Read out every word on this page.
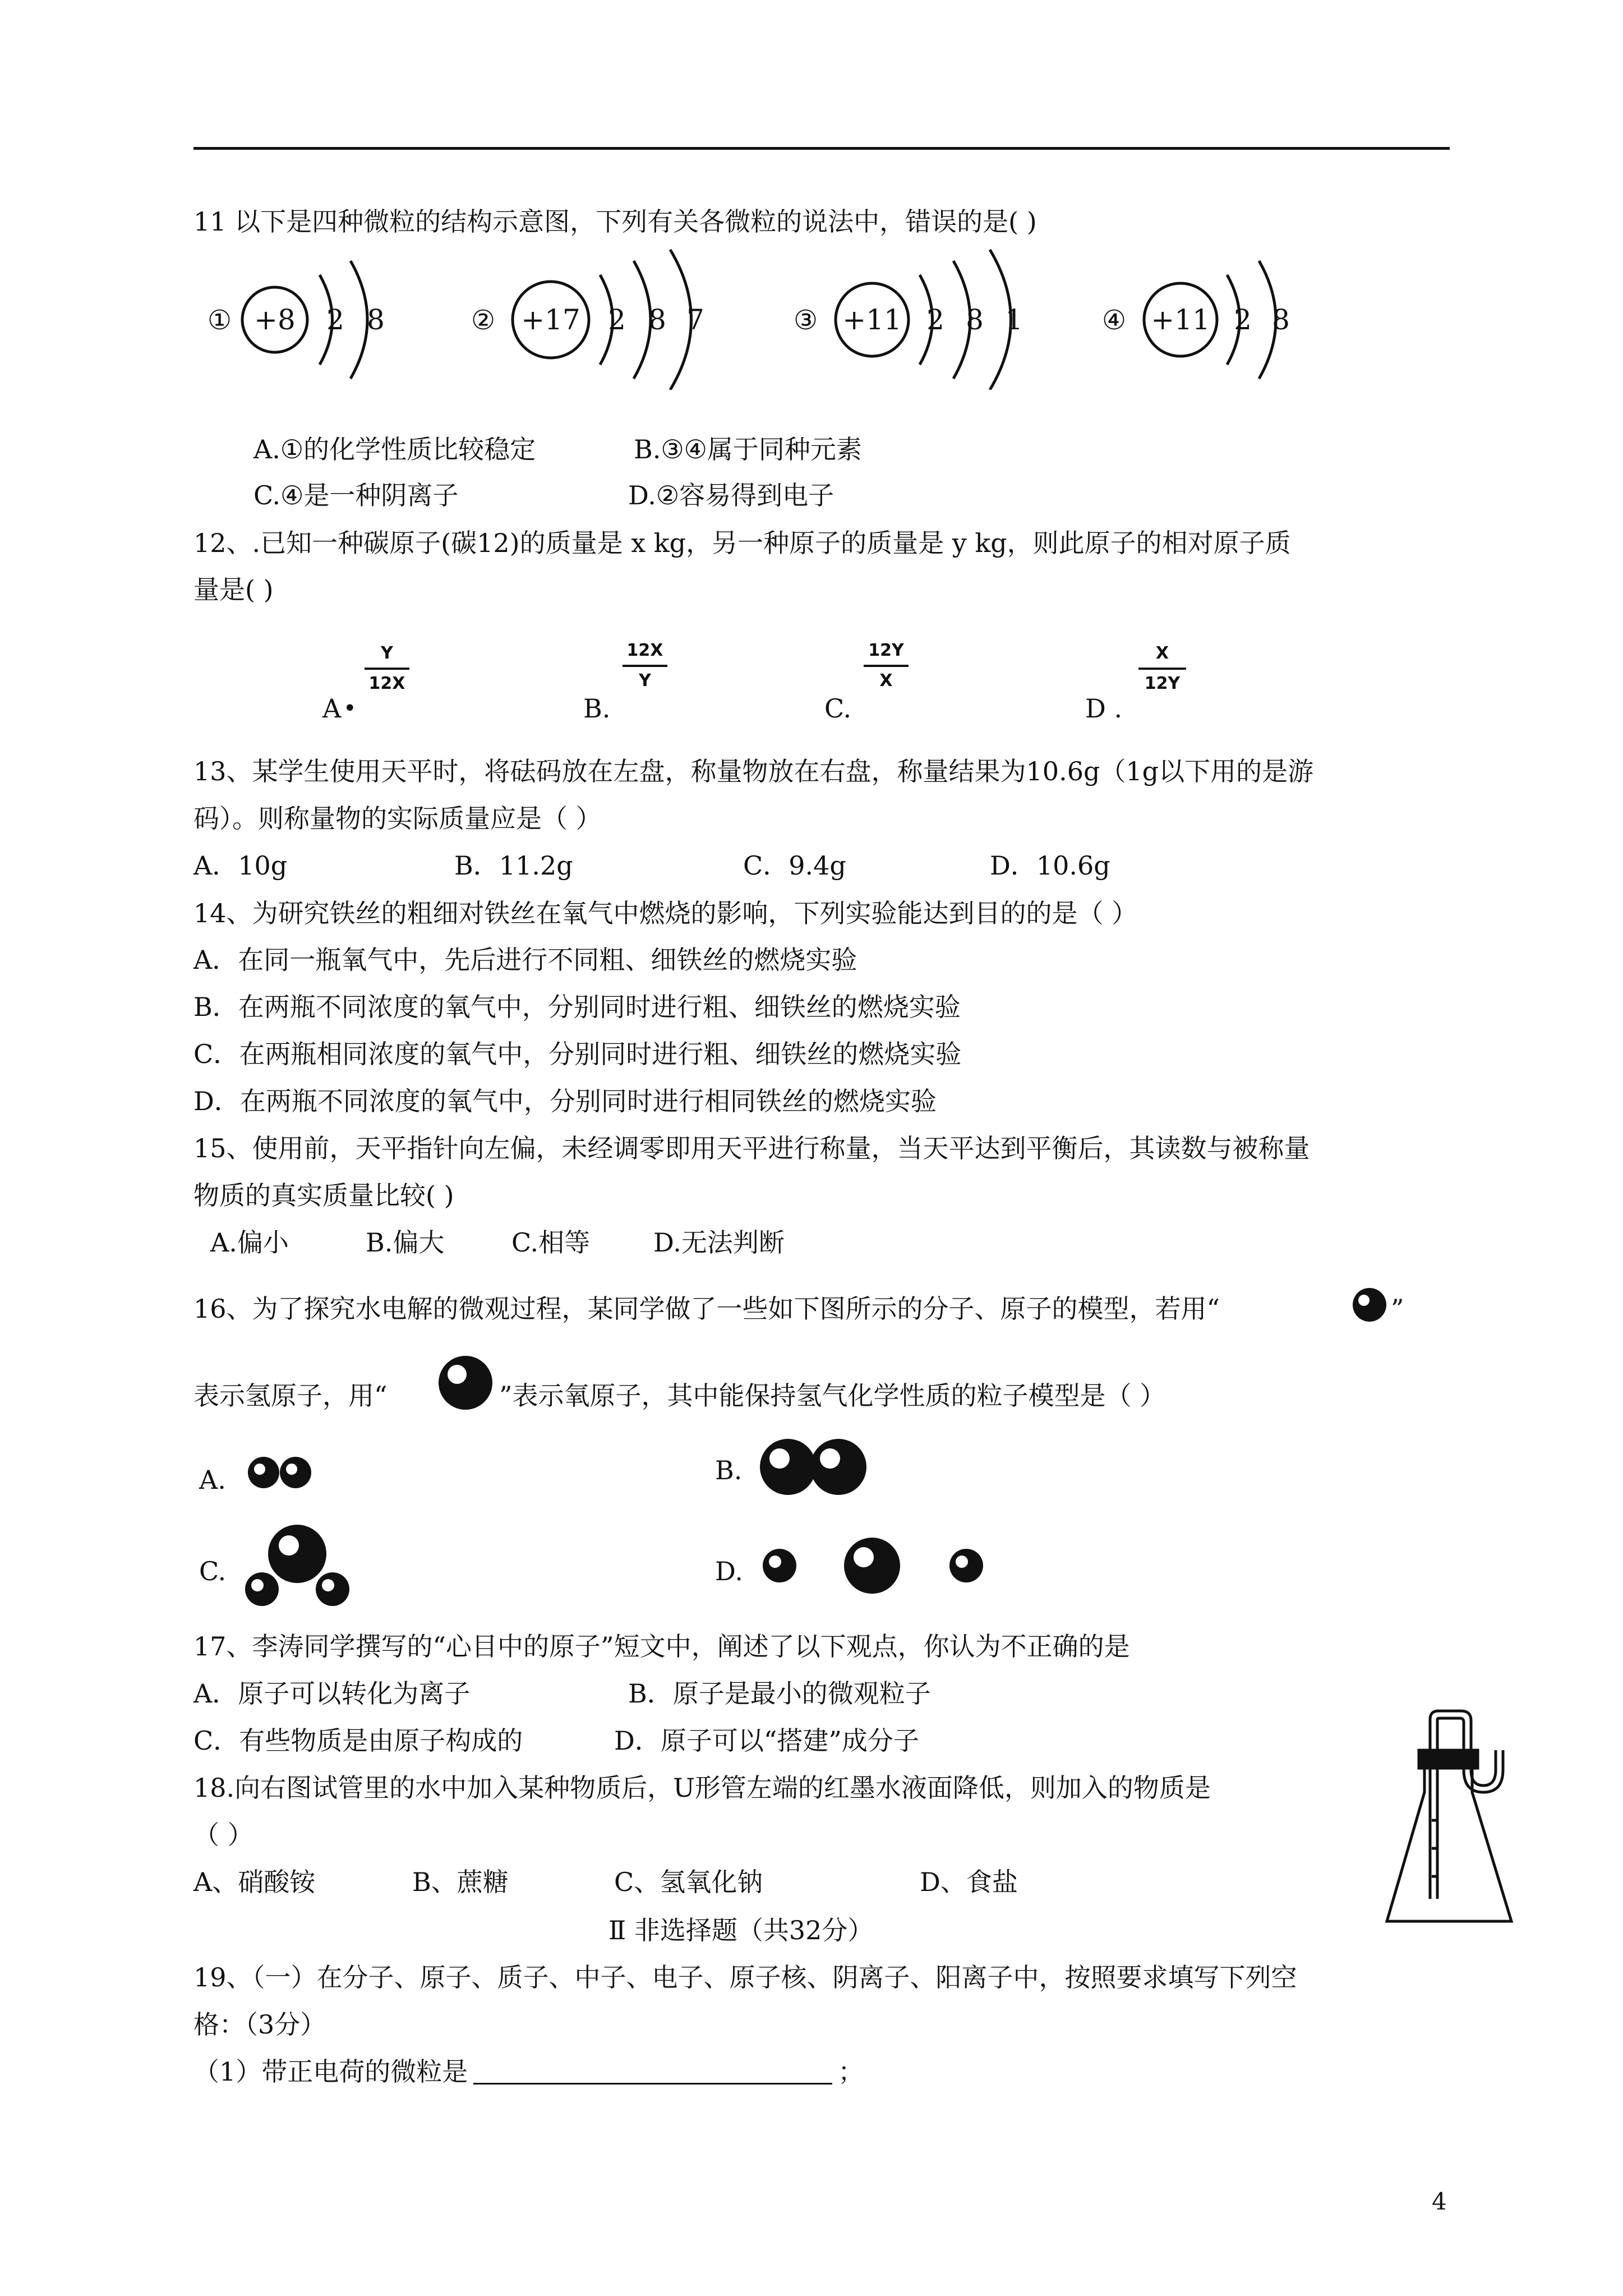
11 以下是四种微粒的结构示意图，下列有关各微粒的说法中，错误的是( )
① +8 2 8	② +17 2 8 7	③ +11 2 8 1	④ +11 2 8
A.①的化学性质比较稳定	B.③④属于同种元素
C.④是一种阴离子	D.②容易得到电子
12、.已知一种碳原子(碳12)的质量是 x kg，另一种原子的质量是 y kg，则此原子的相对原子质
量是( )
A •
Y
12X
B.
12X
Y
C.
12Y
X
D .
X
12Y
13、某学生使用天平时，将砝码放在左盘，称量物放在右盘，称量结果为10.6g（1g以下用的是游
码）。则称量物的实际质量应是（ ）
A．10g	B．11.2g	C．9.4g	D．10.6g
14、为研究铁丝的粗细对铁丝在氧气中燃烧的影响，下列实验能达到目的的是（ ）
A．在同一瓶氧气中，先后进行不同粗、细铁丝的燃烧实验
B．在两瓶不同浓度的氧气中，分别同时进行粗、细铁丝的燃烧实验
C．在两瓶相同浓度的氧气中，分别同时进行粗、细铁丝的燃烧实验
D．在两瓶不同浓度的氧气中，分别同时进行相同铁丝的燃烧实验
15、使用前，天平指针向左偏，未经调零即用天平进行称量，当天平达到平衡后，其读数与被称量
物质的真实质量比较( )
A.偏小	B.偏大	C.相等 D.无法判断
16、为了探究水电解的微观过程，某同学做了一些如下图所示的分子、原子的模型，若用“	”
表示氢原子，用“	”表示氧原子，其中能保持氢气化学性质的粒子模型是（ ）
A.	B.
C.	D.
17、李涛同学撰写的“心目中的原子”短文中，阐述了以下观点，你认为不正确的是
A．原子可以转化为离子	B．原子是最小的微观粒子
C．有些物质是由原子构成的	D．原子可以“搭建”成分子
18.向右图试管里的水中加入某种物质后，U形管左端的红墨水液面降低，则加入的物质是
（ ）
A、硝酸铵	B、蔗糖	C、氢氧化钠	D、食盐
Ⅱ 非选择题（共32分）
19、（一）在分子、原子、质子、中子、电子、原子核、阴离子、阳离子中，按照要求填写下列空
格：（3分）
（1）带正电荷的微粒是	；
4
